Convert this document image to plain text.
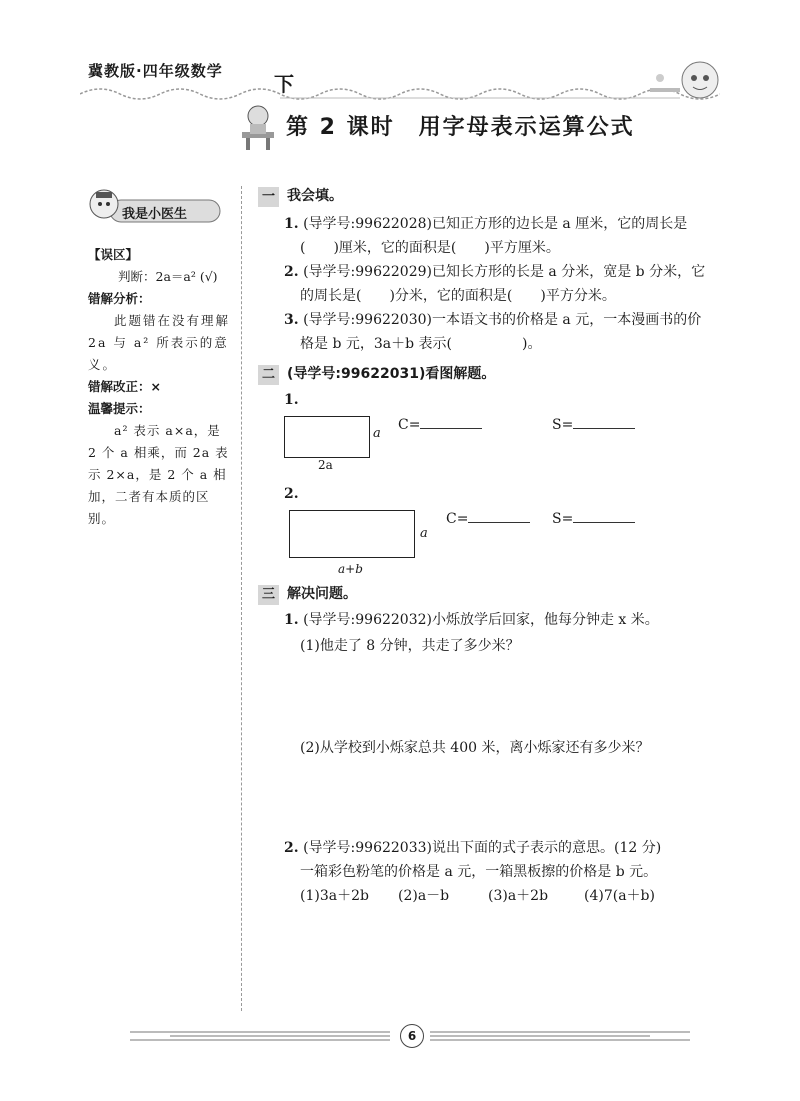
冀教版·四年级数学
下
第 2 课时　用字母表示运算公式
我是小医生
【误区】
判断：2a＝a² (√)
错解分析：
此题错在没有理解 2a 与 a² 所表示的意义。
错解改正：×
温馨提示：
a² 表示 a×a，是 2 个 a 相乘，而 2a 表示 2×a，是 2 个 a 相加，二者有本质的区别。
一 我会填。
1. (导学号:99622028)已知正方形的边长是 a 厘米，它的周长是
(　　)厘米，它的面积是(　　)平方厘米。
2. (导学号:99622029)已知长方形的长是 a 分米，宽是 b 分米，它
的周长是(　　)分米，它的面积是(　　)平方分米。
3. (导学号:99622030)一本语文书的价格是 a 元，一本漫画书的价
格是 b 元，3a＋b 表示(　　　　　)。
二 (导学号:99622031)看图解题。
1.
a
2a
C=	S=
2.
a
a+b
C=	S=
三 解决问题。
1. (导学号:99622032)小烁放学后回家，他每分钟走 x 米。
(1)他走了 8 分钟，共走了多少米？
(2)从学校到小烁家总共 400 米，离小烁家还有多少米？
2. (导学号:99622033)说出下面的式子表示的意思。(12 分)
一箱彩色粉笔的价格是 a 元，一箱黑板擦的价格是 b 元。
(1)3a＋2b (2)a－b	(3)a＋2b	(4)7(a＋b)
6
